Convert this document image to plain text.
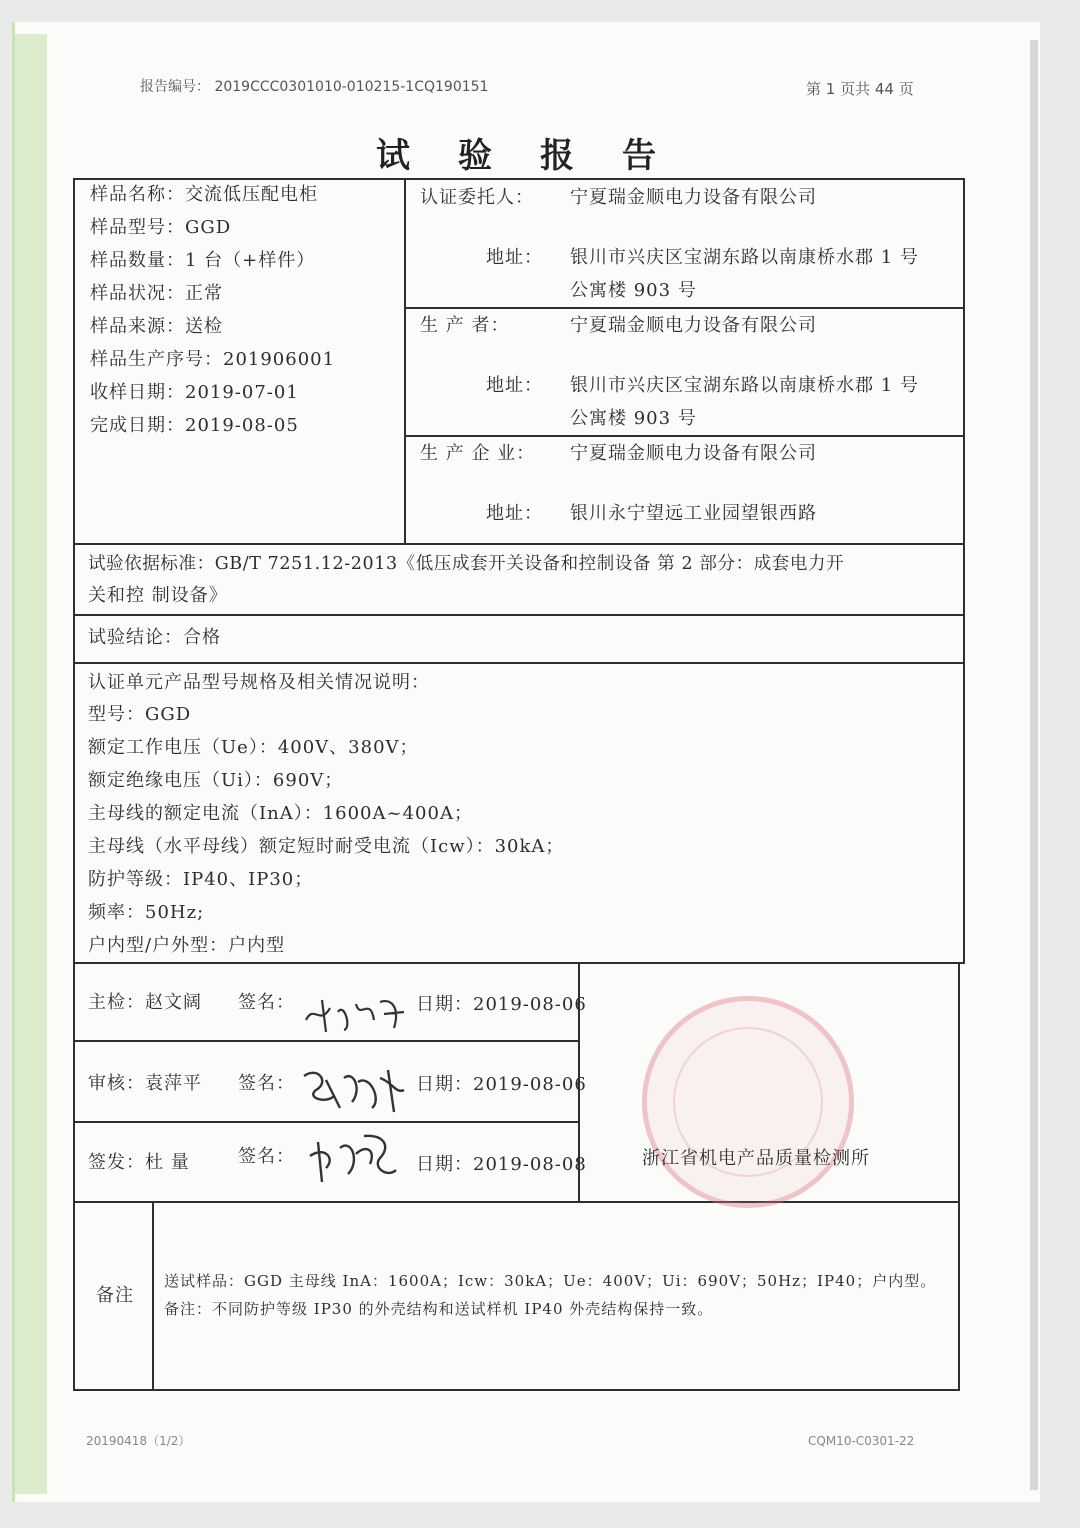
报告编号： 2019CCC0301010-010215-1CQ190151	第 1 页共 44 页
试验报告
样品名称：交流低压配电柜
样品型号：GGD
样品数量：1 台（+样件）
样品状况：正常
样品来源：送检
样品生产序号：201906001
收样日期：2019-07-01
完成日期：2019-08-05
认证委托人： 宁夏瑞金顺电力设备有限公司
地址： 银川市兴庆区宝湖东路以南康桥水郡 1 号
公寓楼 903 号
生 产 者：	宁夏瑞金顺电力设备有限公司
地址： 银川市兴庆区宝湖东路以南康桥水郡 1 号
公寓楼 903 号
生 产 企 业： 宁夏瑞金顺电力设备有限公司
地址： 银川永宁望远工业园望银西路
试验依据标准：GB/T 7251.12-2013《低压成套开关设备和控制设备 第 2 部分：成套电力开
关和控 制设备》
试验结论：合格
认证单元产品型号规格及相关情况说明：
型号：GGD
额定工作电压（Ue）：400V、380V；
额定绝缘电压（Ui）：690V；
主母线的额定电流（InA）：1600A~400A；
主母线（水平母线）额定短时耐受电流（Icw）：30kA；
防护等级：IP40、IP30；
频率：50Hz;
户内型/户外型：户内型
主检：赵文阔 签名：	日期：2019-08-06
审核：袁萍平 签名：	日期：2019-08-06
签发：杜 量	签名：	日期：2019-08-08	浙江省机电产品质量检测所
备注
送试样品：GGD 主母线 InA：1600A；Icw：30kA；Ue：400V；Ui：690V；50Hz；IP40；户内型。
备注：不同防护等级 IP30 的外壳结构和送试样机 IP40 外壳结构保持一致。
20190418（1/2）	CQM10-C0301-22
